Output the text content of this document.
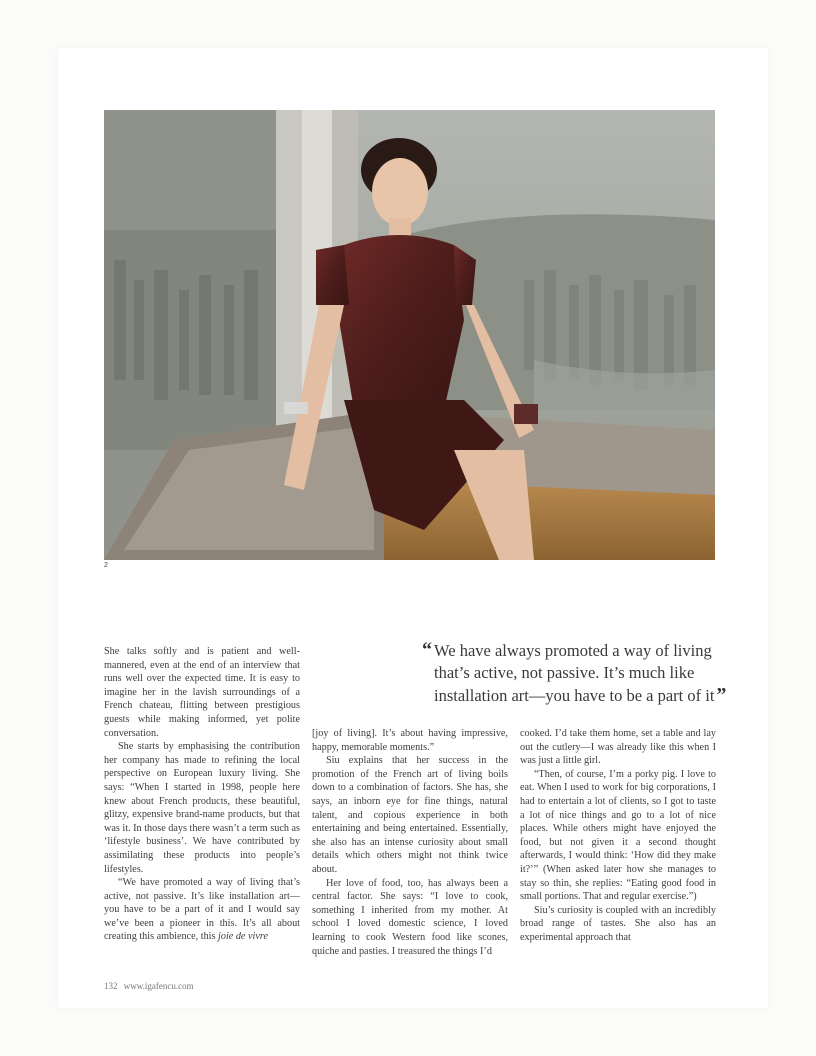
2
“ We have always promoted a way of living
that’s active, not passive. It’s much like
installation art—you have to be a part of it ”

She talks softly and is patient and well-mannered, even at the end of an interview that runs well over the expected time. It is easy to imagine her in the lavish surroundings of a French chateau, flitting between prestigious guests while making informed, yet polite conversation.

She starts by emphasising the contribution her company has made to refining the local perspective on European luxury living. She says: “When I started in 1998, people here knew about French products, these beautiful, glitzy, expensive brand-name products, but that was it. In those days there wasn’t a term such as ‘lifestyle business’. We have contributed by assimilating these products into people’s lifestyles.

“We have promoted a way of living that’s active, not passive. It’s like installation art—you have to be a part of it and I would say we’ve been a pioneer in this. It’s all about creating this ambience, this joie de vivre

[joy of living]. It’s about having impressive, happy, memorable moments.”

Siu explains that her success in the promotion of the French art of living boils down to a combination of factors. She has, she says, an inborn eye for fine things, natural talent, and copious experience in both entertaining and being entertained. Essentially, she also has an intense curiosity about small details which others might not think twice about.

Her love of food, too, has always been a central factor. She says: “I love to cook, something I inherited from my mother. At school I loved domestic science, I loved learning to cook Western food like scones, quiche and pasties. I treasured the things I’d

cooked. I’d take them home, set a table and lay out the cutlery—I was already like this when I was just a little girl.

“Then, of course, I’m a porky pig. I love to eat. When I used to work for big corporations, I had to entertain a lot of clients, so I got to taste a lot of nice things and go to a lot of nice places. While others might have enjoyed the food, but not given it a second thought afterwards, I would think: ‘How did they make it?’” (When asked later how she manages to stay so thin, she replies: “Eating good food in small portions. That and regular exercise.”)

Siu’s curiosity is coupled with an incredibly broad range of tastes. She also has an experimental approach that

132 www.igafencu.com
